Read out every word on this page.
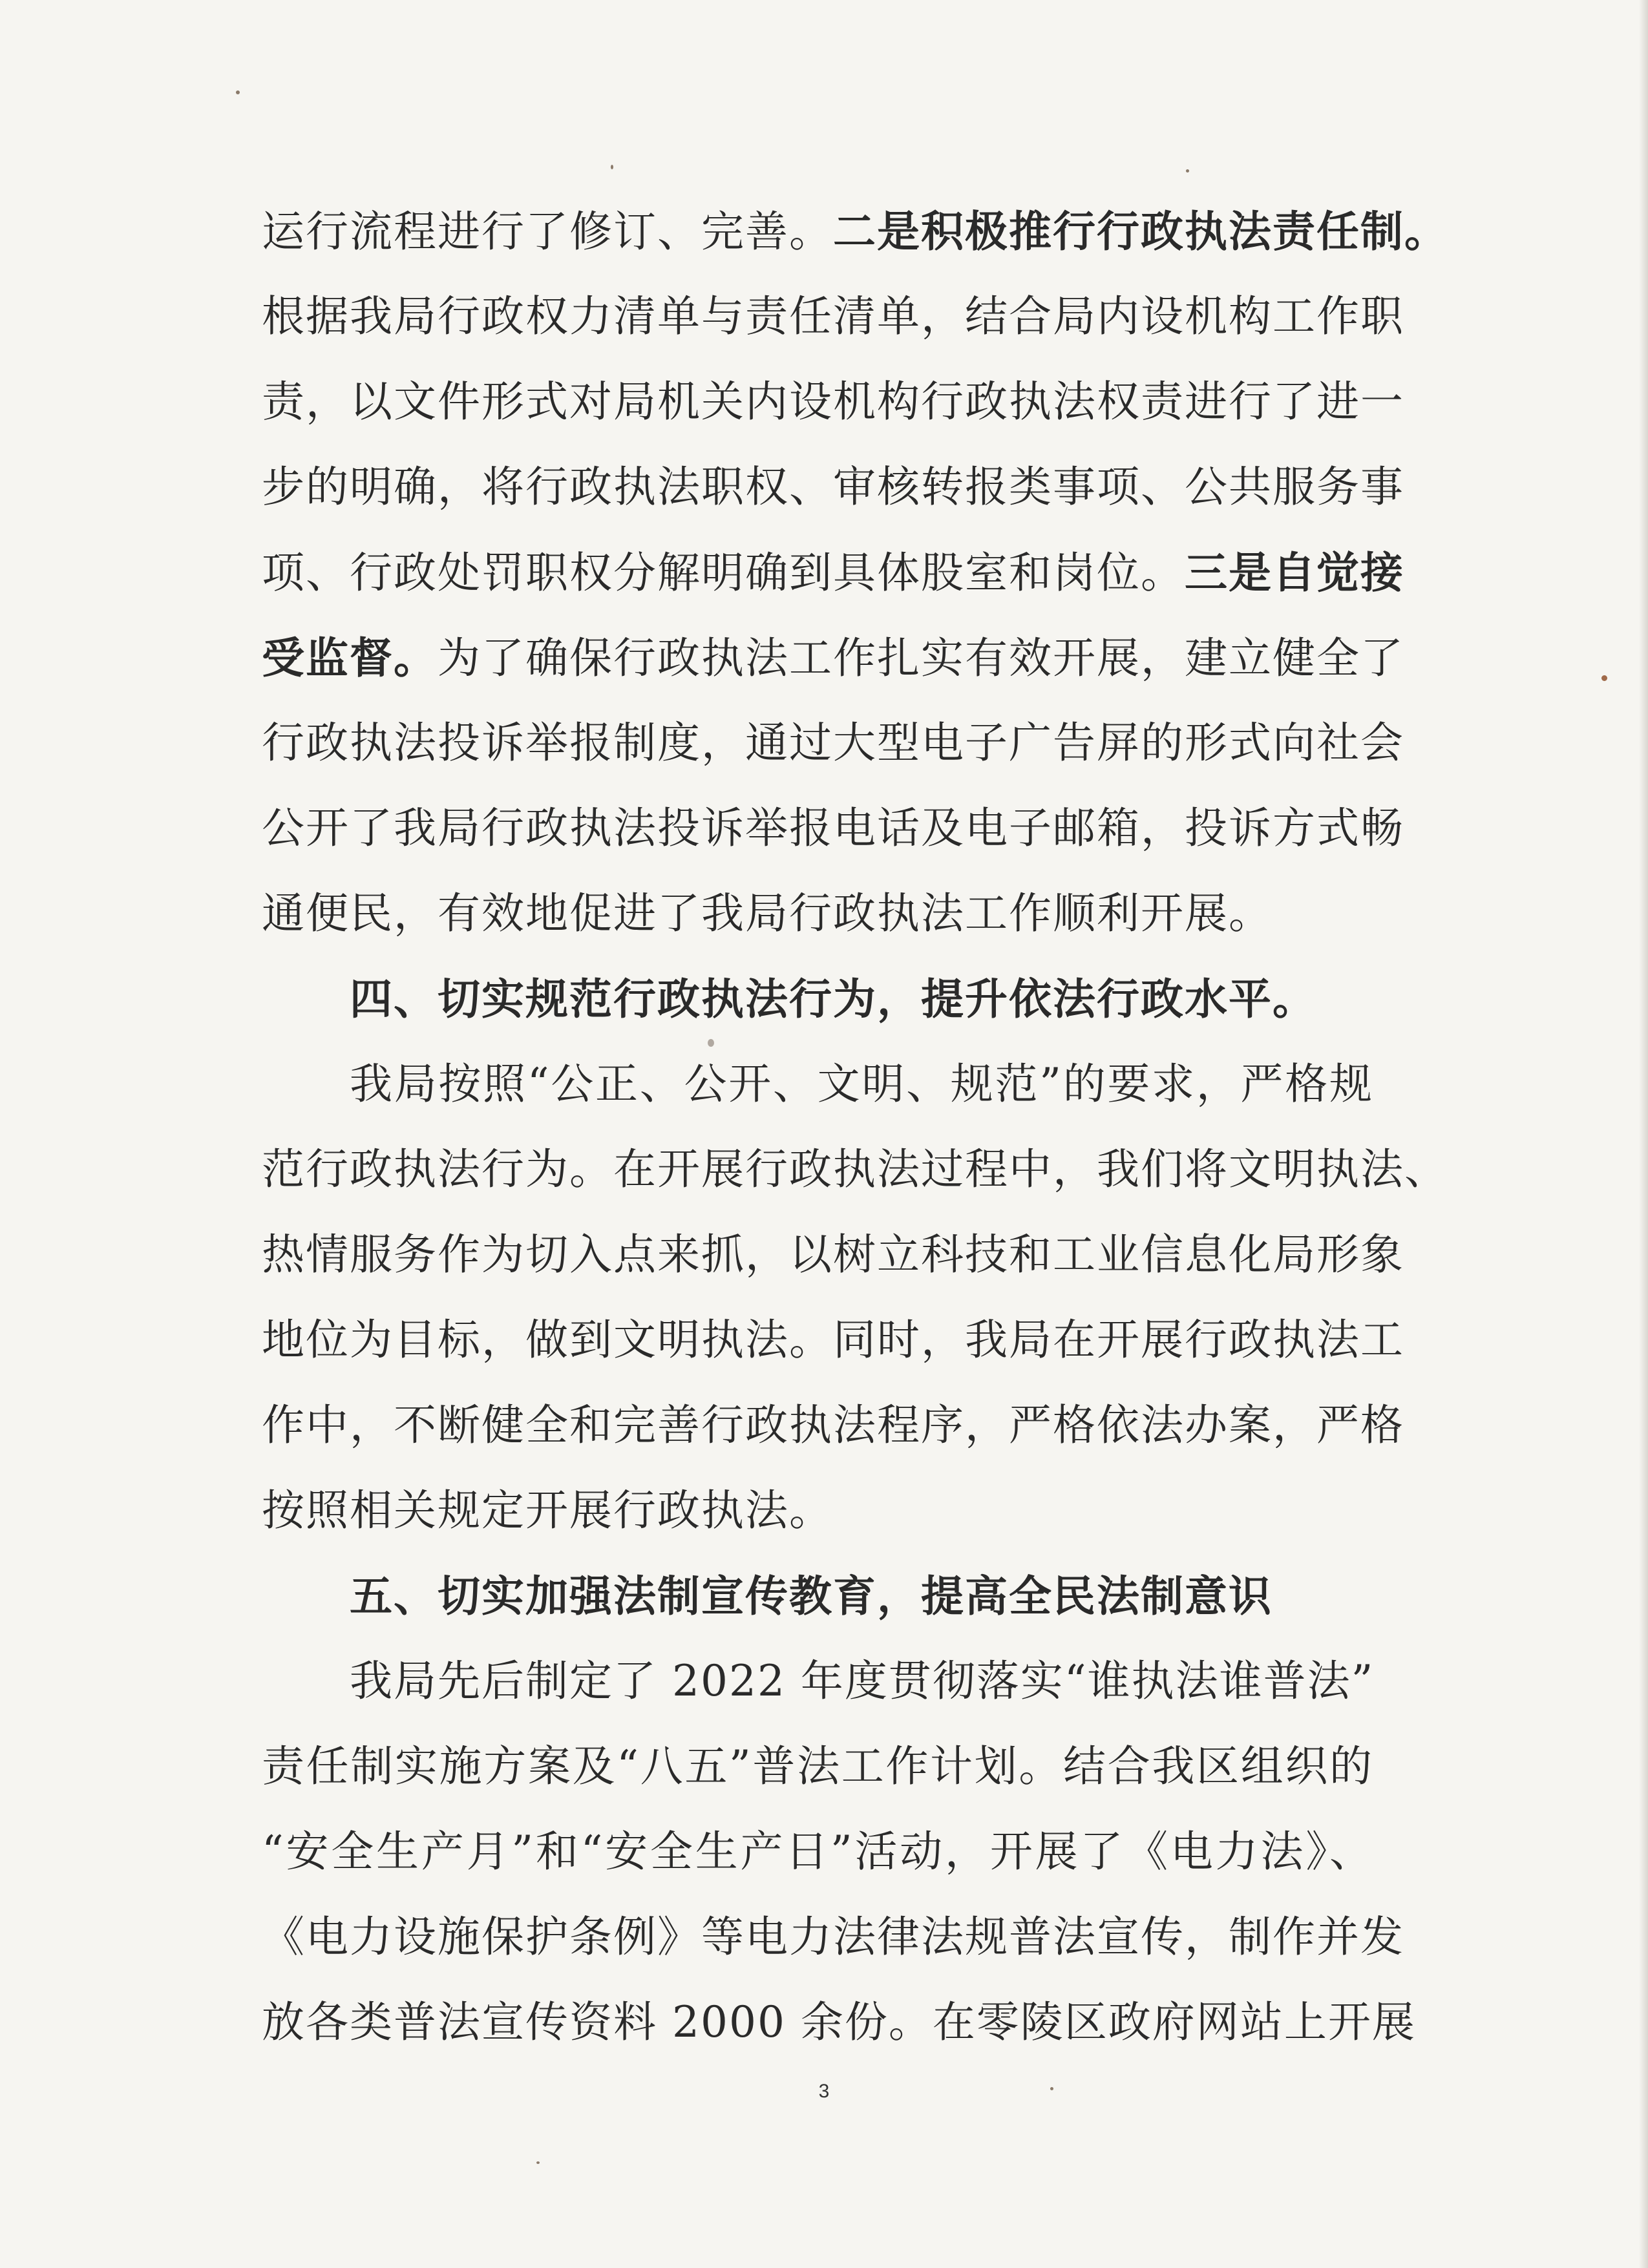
运行流程进行了修订、完善。二是积极推行行政执法责任制。
根据我局行政权力清单与责任清单，结合局内设机构工作职
责，以文件形式对局机关内设机构行政执法权责进行了进一
步的明确，将行政执法职权、审核转报类事项、公共服务事
项、行政处罚职权分解明确到具体股室和岗位。三是自觉接
受监督。为了确保行政执法工作扎实有效开展，建立健全了
行政执法投诉举报制度，通过大型电子广告屏的形式向社会
公开了我局行政执法投诉举报电话及电子邮箱，投诉方式畅
通便民，有效地促进了我局行政执法工作顺利开展。
四、切实规范行政执法行为，提升依法行政水平。
我局按照“公正、公开、文明、规范”的要求，严格规
范行政执法行为。在开展行政执法过程中，我们将文明执法、
热情服务作为切入点来抓，以树立科技和工业信息化局形象
地位为目标，做到文明执法。同时，我局在开展行政执法工
作中，不断健全和完善行政执法程序，严格依法办案，严格
按照相关规定开展行政执法。
五、切实加强法制宣传教育，提高全民法制意识
我局先后制定了 2022 年度贯彻落实“谁执法谁普法”
责任制实施方案及“八五”普法工作计划。结合我区组织的
“安全生产月”和“安全生产日”活动，开展了《电力法》、
《电力设施保护条例》等电力法律法规普法宣传，制作并发
放各类普法宣传资料 2000 余份。在零陵区政府网站上开展
3
